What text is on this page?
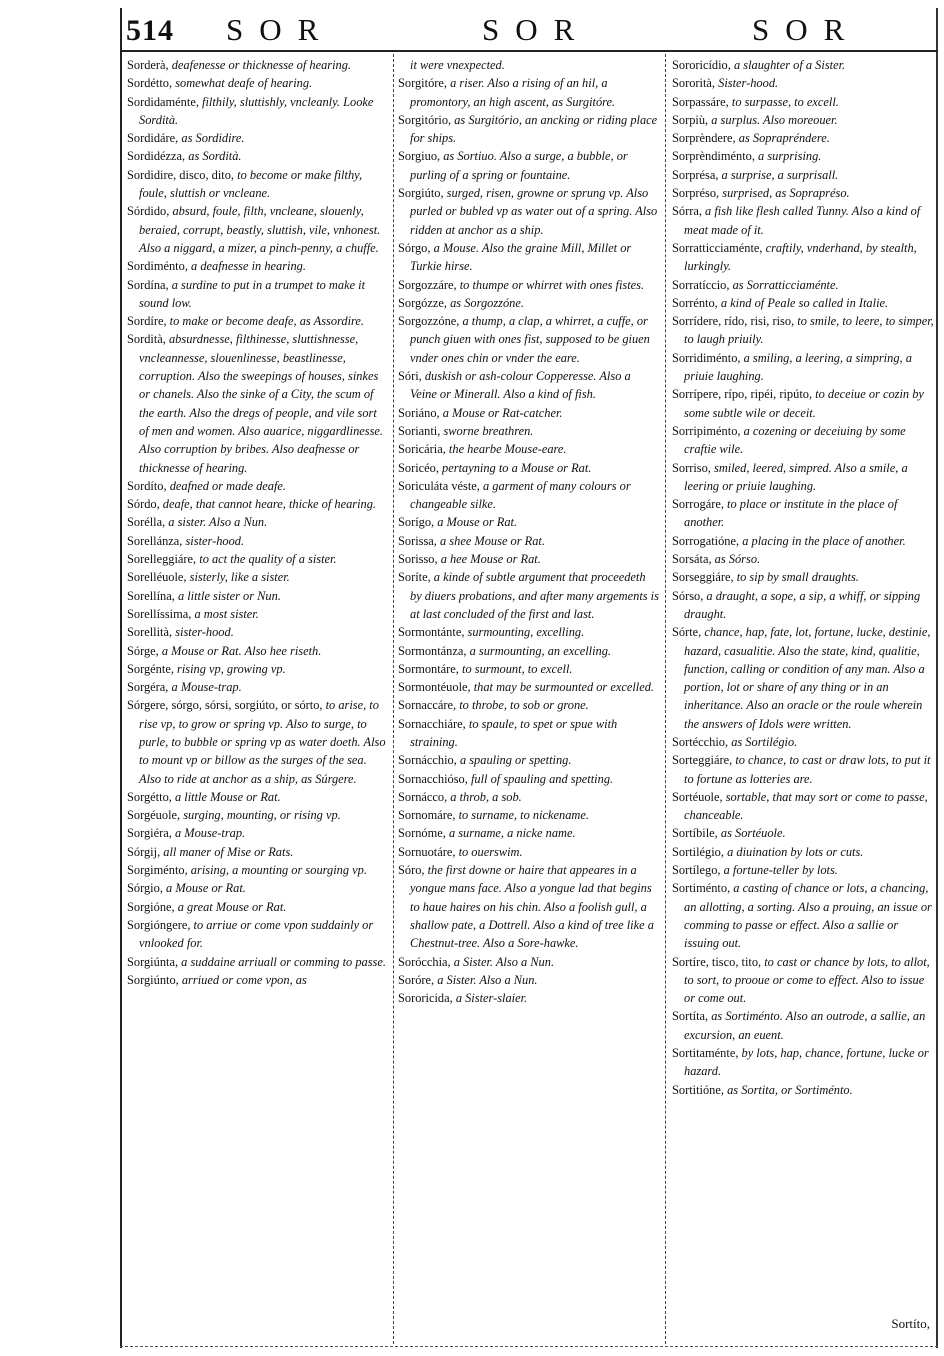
514 SOR	SOR	SOR

Sorderà, deafenesse or thicknesse of hearing.

Sordétto, somewhat deafe of hearing.

Sordidaménte, filthily, sluttishly, vncleanly. Looke Sordità.

Sordidáre, as Sordidire.

Sordidézza, as Sordità.

Sordidire, disco, dito, to become or make filthy, foule, sluttish or vncleane.

Sórdido, absurd, foule, filth, vncleane, slouenly, beraied, corrupt, beastly, sluttish, vile, vnhonest. Also a niggard, a mizer, a pinch-penny, a chuffe.

Sordiménto, a deafnesse in hearing.

Sordína, a surdine to put in a trumpet to make it sound low.

Sordíre, to make or become deafe, as Assordire.

Sordità, absurdnesse, filthinesse, sluttishnesse, vncleannesse, slouenlinesse, beastlinesse, corruption. Also the sweepings of houses, sinkes or chanels. Also the sinke of a City, the scum of the earth. Also the dregs of people, and vile sort of men and women. Also auarice, niggardlinesse. Also corruption by bribes. Also deafnesse or thicknesse of hearing.

Sordíto, deafned or made deafe.

Sórdo, deafe, that cannot heare, thicke of hearing.

Sorélla, a sister. Also a Nun.

Sorellánza, sister-hood.

Sorelleggiáre, to act the quality of a sister.

Sorelléuole, sisterly, like a sister.

Sorellína, a little sister or Nun.

Sorellíssima, a most sister.

Sorellità, sister-hood.

Sórge, a Mouse or Rat. Also hee riseth.

Sorgénte, rising vp, growing vp.

Sorgéra, a Mouse-trap.

Sórgere, sórgo, sórsi, sorgiúto, or sórto, to arise, to rise vp, to grow or spring vp. Also to surge, to purle, to bubble or spring vp as water doeth. Also to mount vp or billow as the surges of the sea. Also to ride at anchor as a ship, as Súrgere.

Sorgétto, a little Mouse or Rat.

Sorgéuole, surging, mounting, or rising vp.

Sorgiéra, a Mouse-trap.

Sórgij, all maner of Mise or Rats.

Sorgiménto, arising, a mounting or sourging vp.

Sórgio, a Mouse or Rat.

Sorgióne, a great Mouse or Rat.

Sorgióngere, to arriue or come vpon suddainly or vnlooked for.

Sorgiúnta, a suddaine arriuall or comming to passe.

Sorgiúnto, arriued or come vpon, as

it were vnexpected.

Sorgitóre, a riser. Also a rising of an hil, a promontory, an high ascent, as Surgitóre.

Sorgitório, as Surgitório, an ancking or riding place for ships.

Sorgiuo, as Sortiuo. Also a surge, a bubble, or purling of a spring or fountaine.

Sorgiúto, surged, risen, growne or sprung vp. Also purled or bubled vp as water out of a spring. Also ridden at anchor as a ship.

Sórgo, a Mouse. Also the graine Mill, Millet or Turkie hirse.

Sorgozzáre, to thumpe or whirret with ones fistes.

Sorgózze, as Sorgozzóne.

Sorgozzóne, a thump, a clap, a whirret, a cuffe, or punch giuen with ones fist, supposed to be giuen vnder ones chin or vnder the eare.

Sóri, duskish or ash-colour Copperesse. Also a Veine or Minerall. Also a kind of fish.

Soriáno, a Mouse or Rat-catcher.

Sorianti, sworne breathren.

Soricária, the hearbe Mouse-eare.

Soricéo, pertayning to a Mouse or Rat.

Soriculáta véste, a garment of many colours or changeable silke.

Sorígo, a Mouse or Rat.

Sorissa, a shee Mouse or Rat.

Sorisso, a hee Mouse or Rat.

Soríte, a kinde of subtle argument that proceedeth by diuers probations, and after many argements is at last concluded of the first and last.

Sormontánte, surmounting, excelling.

Sormontánza, a surmounting, an excelling.

Sormontáre, to surmount, to excell.

Sormontéuole, that may be surmounted or excelled.

Sornaccáre, to throbe, to sob or grone.

Sornacchiáre, to spaule, to spet or spue with straining.

Sornácchio, a spauling or spetting.

Sornacchióso, full of spauling and spetting.

Sornácco, a throb, a sob.

Sornomáre, to surname, to nickename.

Sornóme, a surname, a nicke name.

Sornuotáre, to ouerswim.

Sóro, the first downe or haire that appeares in a yongue mans face. Also a yongue lad that begins to haue haires on his chin. Also a foolish gull, a shallow pate, a Dottrell. Also a kind of tree like a Chestnut-tree. Also a Sore-hawke.

Sorócchia, a Sister. Also a Nun.

Soróre, a Sister. Also a Nun.

Sororicida, a Sister-slaier.

Sororicídio, a slaughter of a Sister.

Sororità, Sister-hood.

Sorpassáre, to surpasse, to excell.

Sorpiù, a surplus. Also moreouer.

Sorprèndere, as Soprapréndere.

Sorprèndiménto, a surprising.

Sorprésa, a surprise, a surprisall.

Sorpréso, surprised, as Soprapréso.

Sórra, a fish like flesh called Tunny. Also a kind of meat made of it.

Sorratticciaménte, craftily, vnderhand, by stealth, lurkingly.

Sorratíccio, as Sorratticciaménte.

Sorrénto, a kind of Peale so called in Italie.

Sorrídere, rído, risi, riso, to smile, to leere, to simper, to laugh priuily.

Sorridiménto, a smiling, a leering, a simpring, a priuie laughing.

Sorrípere, rípo, ripéi, ripúto, to deceiue or cozin by some subtle wile or deceit.

Sorripiménto, a cozening or deceiuing by some craftie wile.

Sorriso, smiled, leered, simpred. Also a smile, a leering or priuie laughing.

Sorrogáre, to place or institute in the place of another.

Sorrogatióne, a placing in the place of another.

Sorsáta, as Sórso.

Sorseggiáre, to sip by small draughts.

Sórso, a draught, a sope, a sip, a whiff, or sipping draught.

Sórte, chance, hap, fate, lot, fortune, lucke, destinie, hazard, casualitie. Also the state, kind, qualitie, function, calling or condition of any man. Also a portion, lot or share of any thing or in an inheritance. Also an oracle or the roule wherein the answers of Idols were written.

Sortécchio, as Sortilégio.

Sorteggiáre, to chance, to cast or draw lots, to put it to fortune as lotteries are.

Sortéuole, sortable, that may sort or come to passe, chanceable.

Sortíbile, as Sortéuole.

Sortilégio, a diuination by lots or cuts.

Sortílego, a fortune-teller by lots.

Sortiménto, a casting of chance or lots, a chancing, an allotting, a sorting. Also a prouing, an issue or comming to passe or effect. Also a sallie or issuing out.

Sortíre, tisco, tito, to cast or chance by lots, to allot, to sort, to prooue or come to effect. Also to issue or come out.

Sortíta, as Sortiménto. Also an outrode, a sallie, an excursion, an euent.

Sortitaménte, by lots, hap, chance, fortune, lucke or hazard.

Sortitióne, as Sortita, or Sortiménto.

Sortíto,
